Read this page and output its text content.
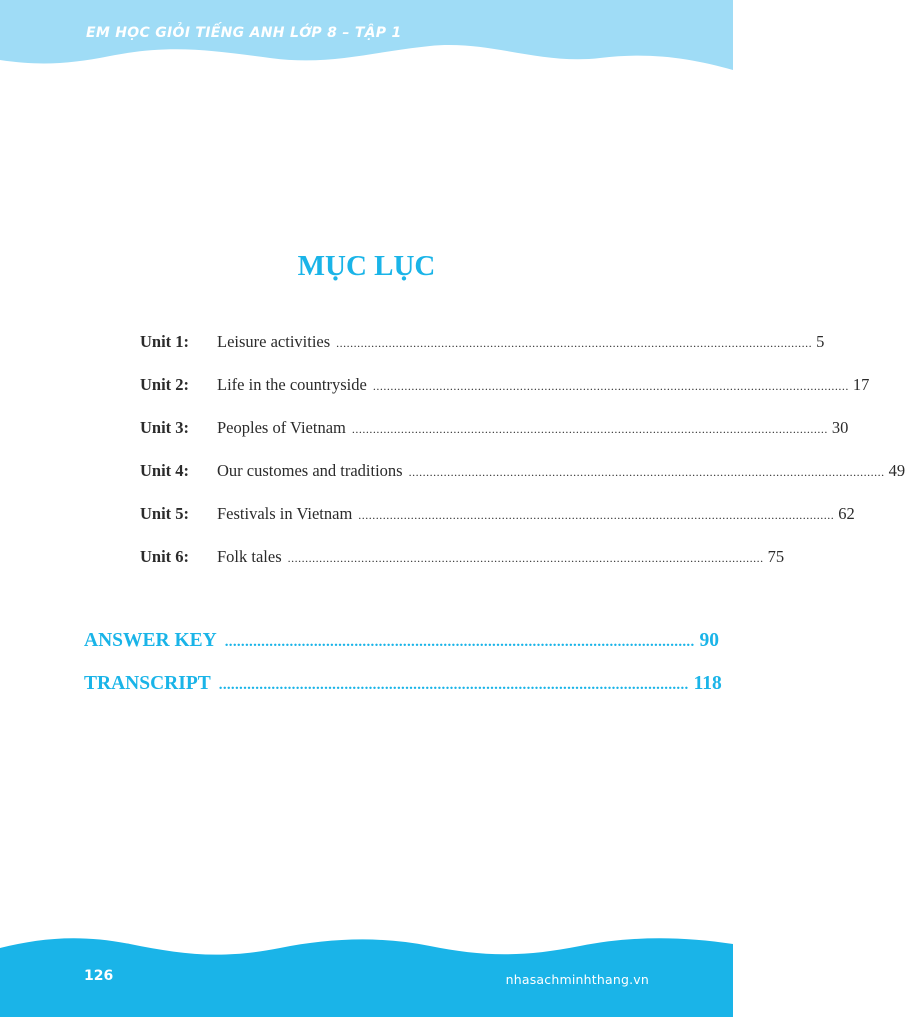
EM HỌC GIỎI TIẾNG ANH LỚP 8 – TẬP 1
MỤC LỤC
Unit 1:	Leisure activities ........................................................................................................................................ 5
Unit 2:	Life in the countryside ........................................................................................................................................ 17
Unit 3:	Peoples of Vietnam ........................................................................................................................................ 30
Unit 4:	Our customes and traditions ........................................................................................................................................ 49
Unit 5:	Festivals in Vietnam ........................................................................................................................................ 62
Unit 6:	Folk tales ........................................................................................................................................ 75
ANSWER KEY .................................................................................................................... 90
TRANSCRIPT .................................................................................................................... 118
126	nhasachminhthang.vn
